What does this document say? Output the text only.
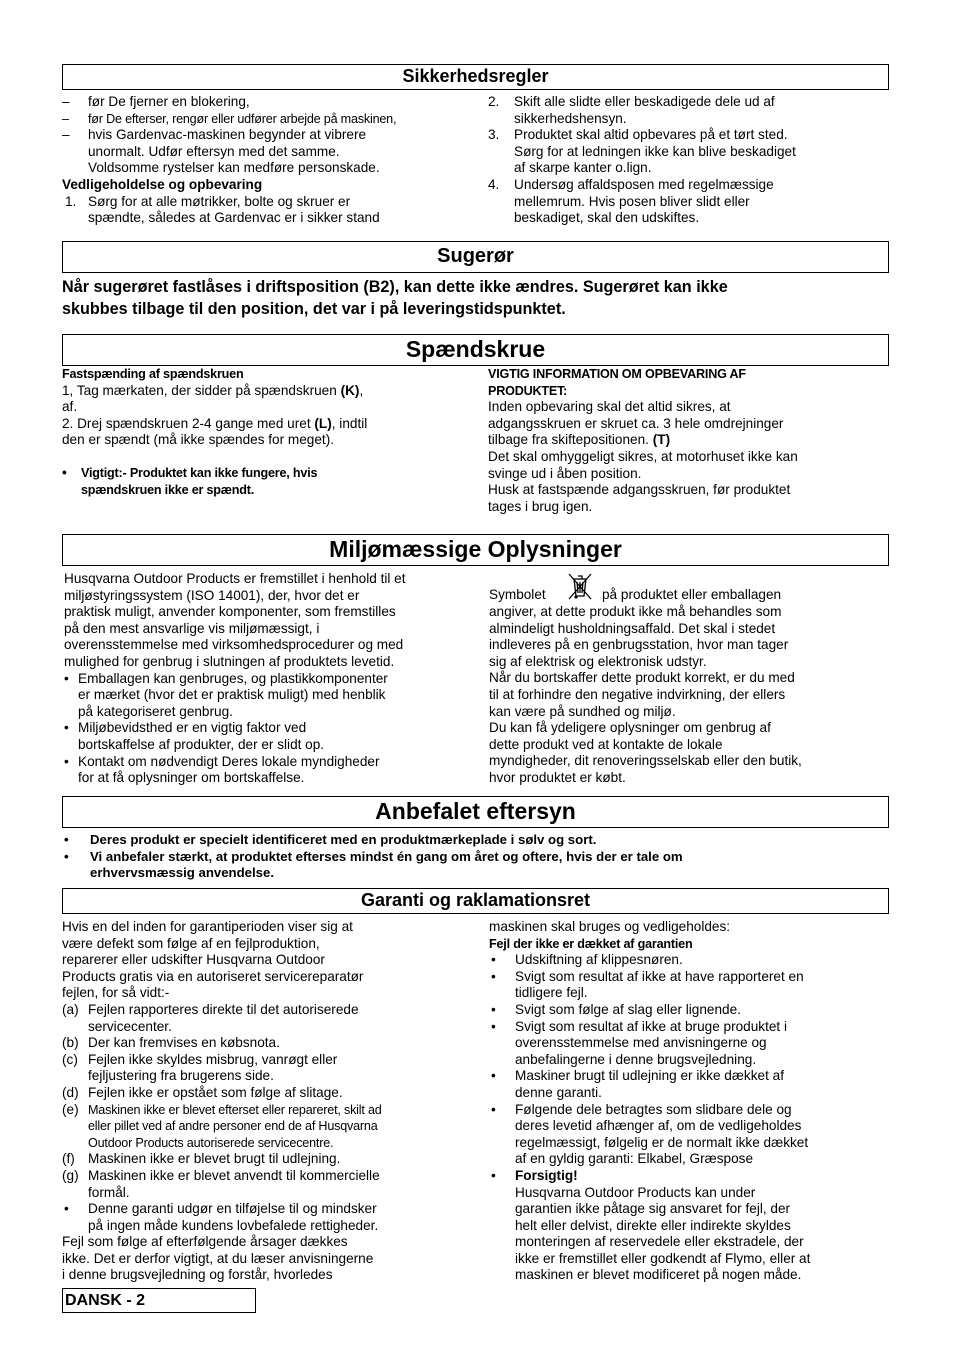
Sikkerhedsregler
– før De fjerner en blokering,
– før De efterser, rengør eller udfører arbejde på maskinen,
– hvis Gardenvac-maskinen begynder at vibrere

unormalt. Udfør eftersyn med det samme.

Voldsomme rystelser kan medføre personskade.

Vedligeholdelse og opbevaring

1. Sørg for at alle møtrikker, bolte og skruer er

spændte, således at Gardenvac er i sikker stand

2. Skift alle slidte eller beskadigede dele ud af

sikkerhedshensyn.

3. Produktet skal altid opbevares på et tørt sted.

Sørg for at ledningen ikke kan blive beskadiget

af skarpe kanter o.lign.

4. Undersøg affaldsposen med regelmæssige

mellemrum. Hvis posen bliver slidt eller

beskadiget, skal den udskiftes.

Sugerør

Når sugerøret fastlåses i driftsposition (B2), kan dette ikke ændres. Sugerøret kan ikke

skubbes tilbage til den position, det var i på leveringstidspunktet.

Spændskrue

Fastspænding af spændskruen

1, Tag mærkaten, der sidder på spændskruen (K),

af.

2. Drej spændskruen 2-4 gange med uret (L), indtil

den er spændt (må ikke spændes for meget).

• Vigtigt:- Produktet kan ikke fungere, hvis

spændskruen ikke er spændt.

VIGTIG INFORMATION OM OPBEVARING AF

PRODUKTET:

Inden opbevaring skal det altid sikres, at

adgangsskruen er skruet ca. 3 hele omdrejninger

tilbage fra skiftepositionen. (T)

Det skal omhyggeligt sikres, at motorhuset ikke kan

svinge ud i åben position.

Husk at fastspænde adgangsskruen, før produktet

tages i brug igen.

Miljømæssige Oplysninger

Husqvarna Outdoor Products er fremstillet i henhold til et

miljøstyringssystem (ISO 14001), der, hvor det er

praktisk muligt, anvender komponenter, som fremstilles

på den mest ansvarlige vis miljømæssigt, i

overensstemmelse med virksomhedsprocedurer og med

mulighed for genbrug i slutningen af produktets levetid.

• Emballagen kan genbruges, og plastikkomponenter

er mærket (hvor det er praktisk muligt) med henblik

på kategoriseret genbrug.

• Miljøbevidsthed er en vigtig faktor ved

bortskaffelse af produkter, der er slidt op.

• Kontakt om nødvendigt Deres lokale myndigheder

for at få oplysninger om bortskaffelse.

Symbolet	på produktet eller emballagen

angiver, at dette produkt ikke må behandles som

almindeligt husholdningsaffald. Det skal i stedet

indleveres på en genbrugsstation, hvor man tager

sig af elektrisk og elektronisk udstyr.

Når du bortskaffer dette produkt korrekt, er du med

til at forhindre den negative indvirkning, der ellers

kan være på sundhed og miljø.

Du kan få ydeligere oplysninger om genbrug af

dette produkt ved at kontakte de lokale

myndigheder, dit renoveringsselskab eller den butik,

hvor produktet er købt.

Anbefalet eftersyn
• Deres produkt er specielt identificeret med en produktmærkeplade i sølv og sort.

• Vi anbefaler stærkt, at produktet efterses mindst én gang om året og oftere, hvis der er tale om

erhvervsmæssig anvendelse.

Garanti og raklamationsret

Hvis en del inden for garantiperioden viser sig at

være defekt som følge af en fejlproduktion,

reparerer eller udskifter Husqvarna Outdoor

Products gratis via en autoriseret servicereparatør

fejlen, for så vidt:-

(a) Fejlen rapporteres direkte til det autoriserede

servicecenter.

(b) Der kan fremvises en købsnota.

(c) Fejlen ikke skyldes misbrug, vanrøgt eller

fejljustering fra brugerens side.

(d) Fejlen ikke er opstået som følge af slitage.

(e) Maskinen ikke er blevet efterset eller repareret, skilt ad

eller pillet ved af andre personer end de af Husqvarna

Outdoor Products autoriserede servicecentre.

(f) Maskinen ikke er blevet brugt til udlejning.

(g) Maskinen ikke er blevet anvendt til kommercielle

formål.

• Denne garanti udgør en tilføjelse til og mindsker

på ingen måde kundens lovbefalede rettigheder.

Fejl som følge af efterfølgende årsager dækkes

ikke. Det er derfor vigtigt, at du læser anvisningerne

i denne brugsvejledning og forstår, hvorledes

maskinen skal bruges og vedligeholdes:

Fejl der ikke er dækket af garantien

• Udskiftning af klippesnøren.

• Svigt som resultat af ikke at have rapporteret en

tidligere fejl.

• Svigt som følge af slag eller lignende.

• Svigt som resultat af ikke at bruge produktet i

overensstemmelse med anvisningerne og

anbefalingerne i denne brugsvejledning.

• Maskiner brugt til udlejning er ikke dækket af

denne garanti.

• Følgende dele betragtes som slidbare dele og

deres levetid afhænger af, om de vedligeholdes

regelmæssigt, følgelig er de normalt ikke dækket

af en gyldig garanti: Elkabel, Græspose

• Forsigtig!

Husqvarna Outdoor Products kan under

garantien ikke påtage sig ansvaret for fejl, der

helt eller delvist, direkte eller indirekte skyldes

monteringen af reservedele eller ekstradele, der

ikke er fremstillet eller godkendt af Flymo, eller at

maskinen er blevet modificeret på nogen måde.

DANSK - 2
